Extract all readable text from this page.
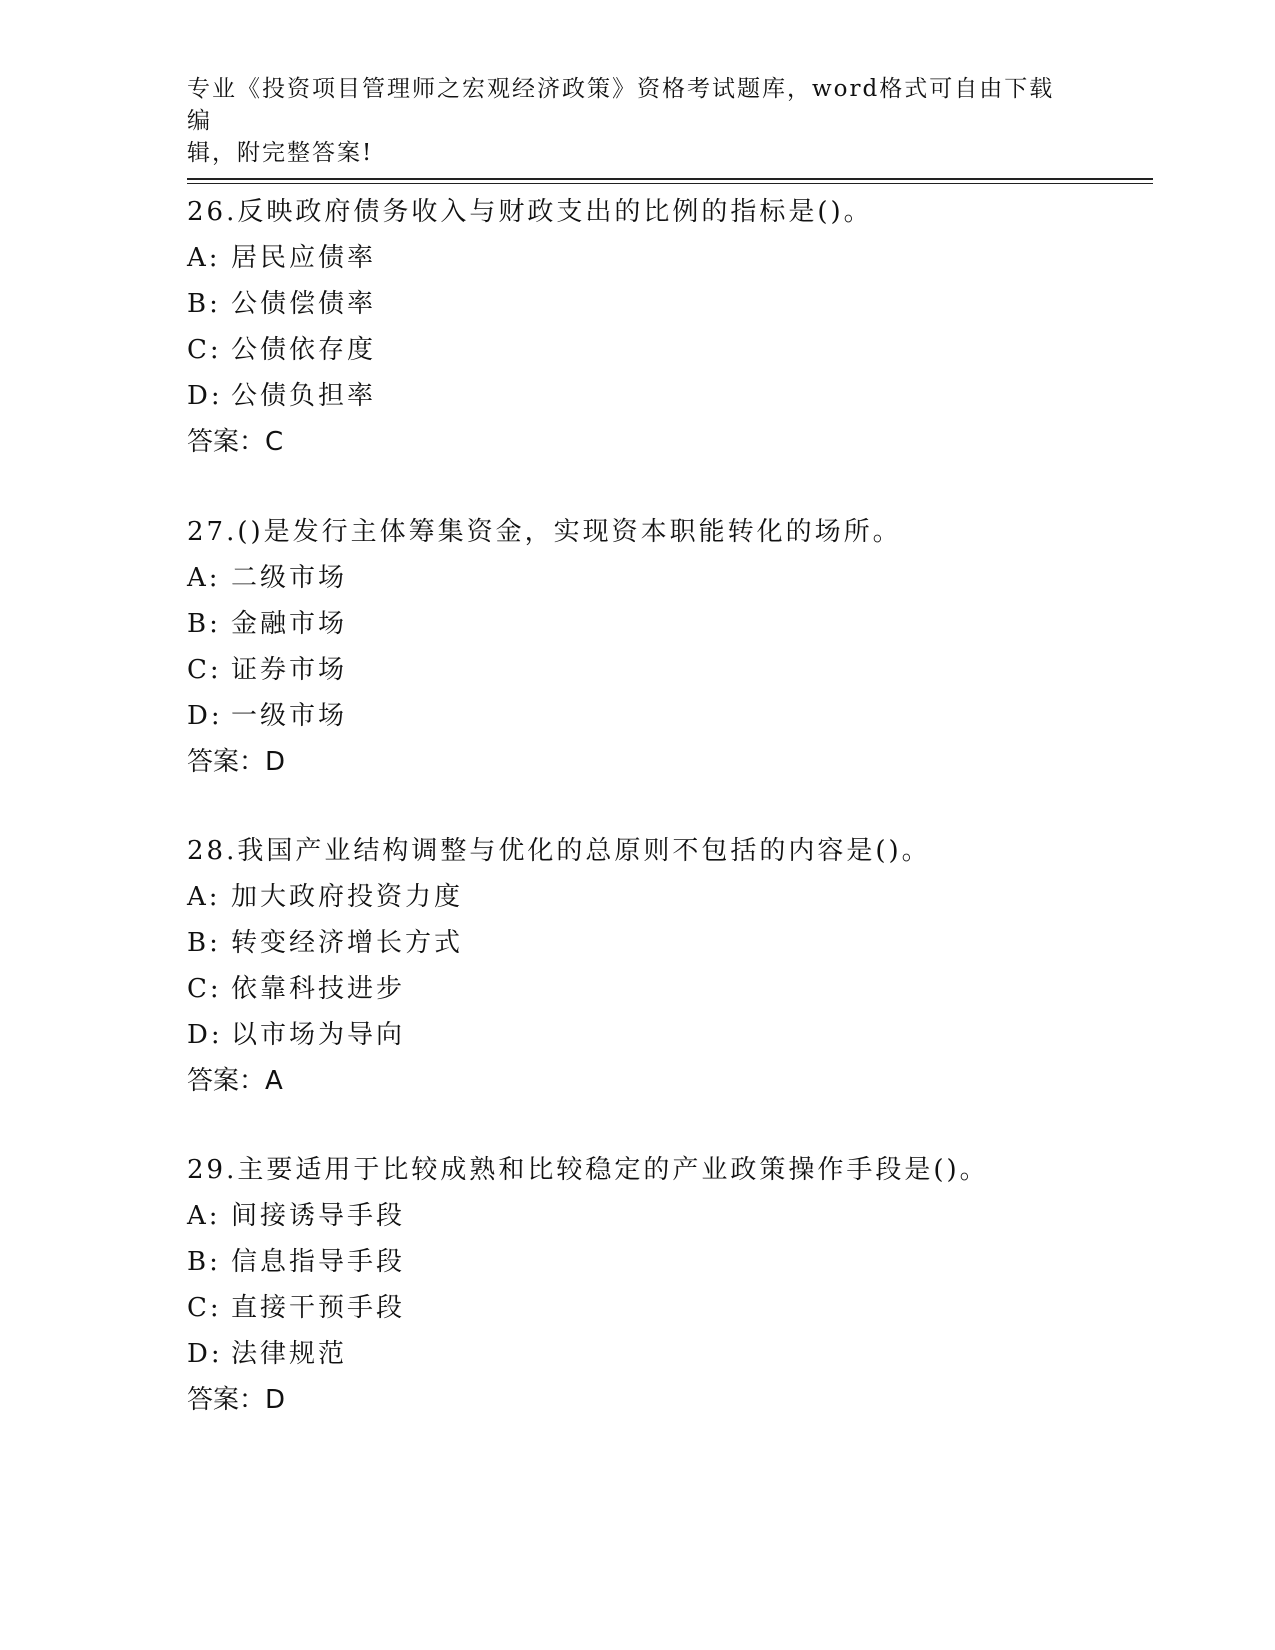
专业《投资项目管理师之宏观经济政策》资格考试题库，word格式可自由下载编
辑，附完整答案!
26.反映政府债务收入与财政支出的比例的指标是()。
A: 居民应债率
B: 公债偿债率
C: 公债依存度
D: 公债负担率
答案：C
27.()是发行主体筹集资金，实现资本职能转化的场所。
A: 二级市场
B: 金融市场
C: 证券市场
D: 一级市场
答案：D
28.我国产业结构调整与优化的总原则不包括的内容是()。
A: 加大政府投资力度
B: 转变经济增长方式
C: 依靠科技进步
D: 以市场为导向
答案：A
29.主要适用于比较成熟和比较稳定的产业政策操作手段是()。
A: 间接诱导手段
B: 信息指导手段
C: 直接干预手段
D: 法律规范
答案：D
